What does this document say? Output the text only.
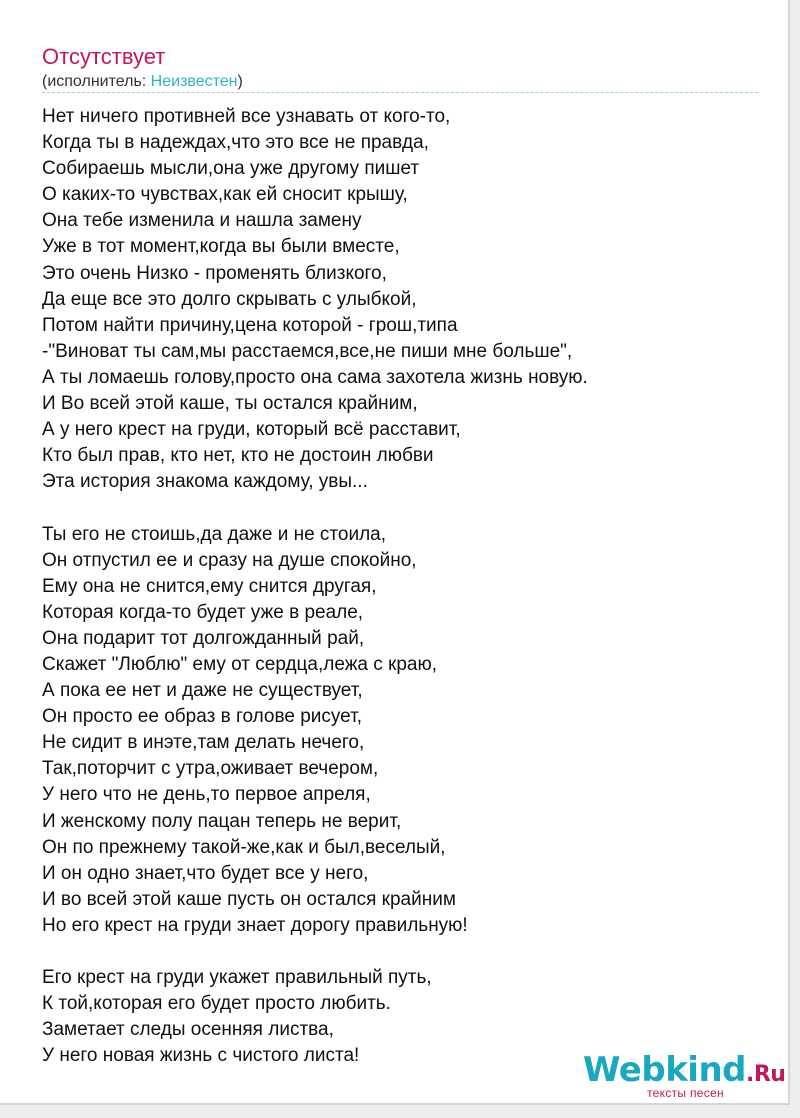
Отсутствует
(исполнитель: Неизвестен)
Нет ничего противней все узнавать от кого-то,
Когда ты в надеждах,что это все не правда,
Собираешь мысли,она уже другому пишет
О каких-то чувствах,как ей сносит крышу,
Она тебе изменила и нашла замену
Уже в тот момент,когда вы были вместе,
Это очень Низко - променять близкого,
Да еще все это долго скрывать с улыбкой,
Потом найти причину,цена которой - грош,типа
-"Виноват ты сам,мы расстаемся,все,не пиши мне больше",
А ты ломаешь голову,просто она сама захотела жизнь новую.
И Во всей этой каше, ты остался крайним,
А у него крест на груди, который всё расставит,
Кто был прав, кто нет, кто не достоин любви
Эта история знакома каждому, увы...
Ты его не стоишь,да даже и не стоила,
Он отпустил ее и сразу на душе спокойно,
Ему она не снится,ему снится другая,
Которая когда-то будет уже в реале,
Она подарит тот долгожданный рай,
Скажет "Люблю" ему от сердца,лежа с краю,
А пока ее нет и даже не существует,
Он просто ее образ в голове рисует,
Не сидит в инэте,там делать нечего,
Так,поторчит с утра,оживает вечером,
У него что не день,то первое апреля,
И женскому полу пацан теперь не верит,
Он по прежнему такой-же,как и был,веселый,
И он одно знает,что будет все у него,
И во всей этой каше пусть он остался крайним
Но его крест на груди знает дорогу правильную!
Его крест на груди укажет правильный путь,
К той,которая его будет просто любить.
Заметает следы осенняя листва,
У него новая жизнь с чистого листа!	Webkind.Ru
тексты песен
